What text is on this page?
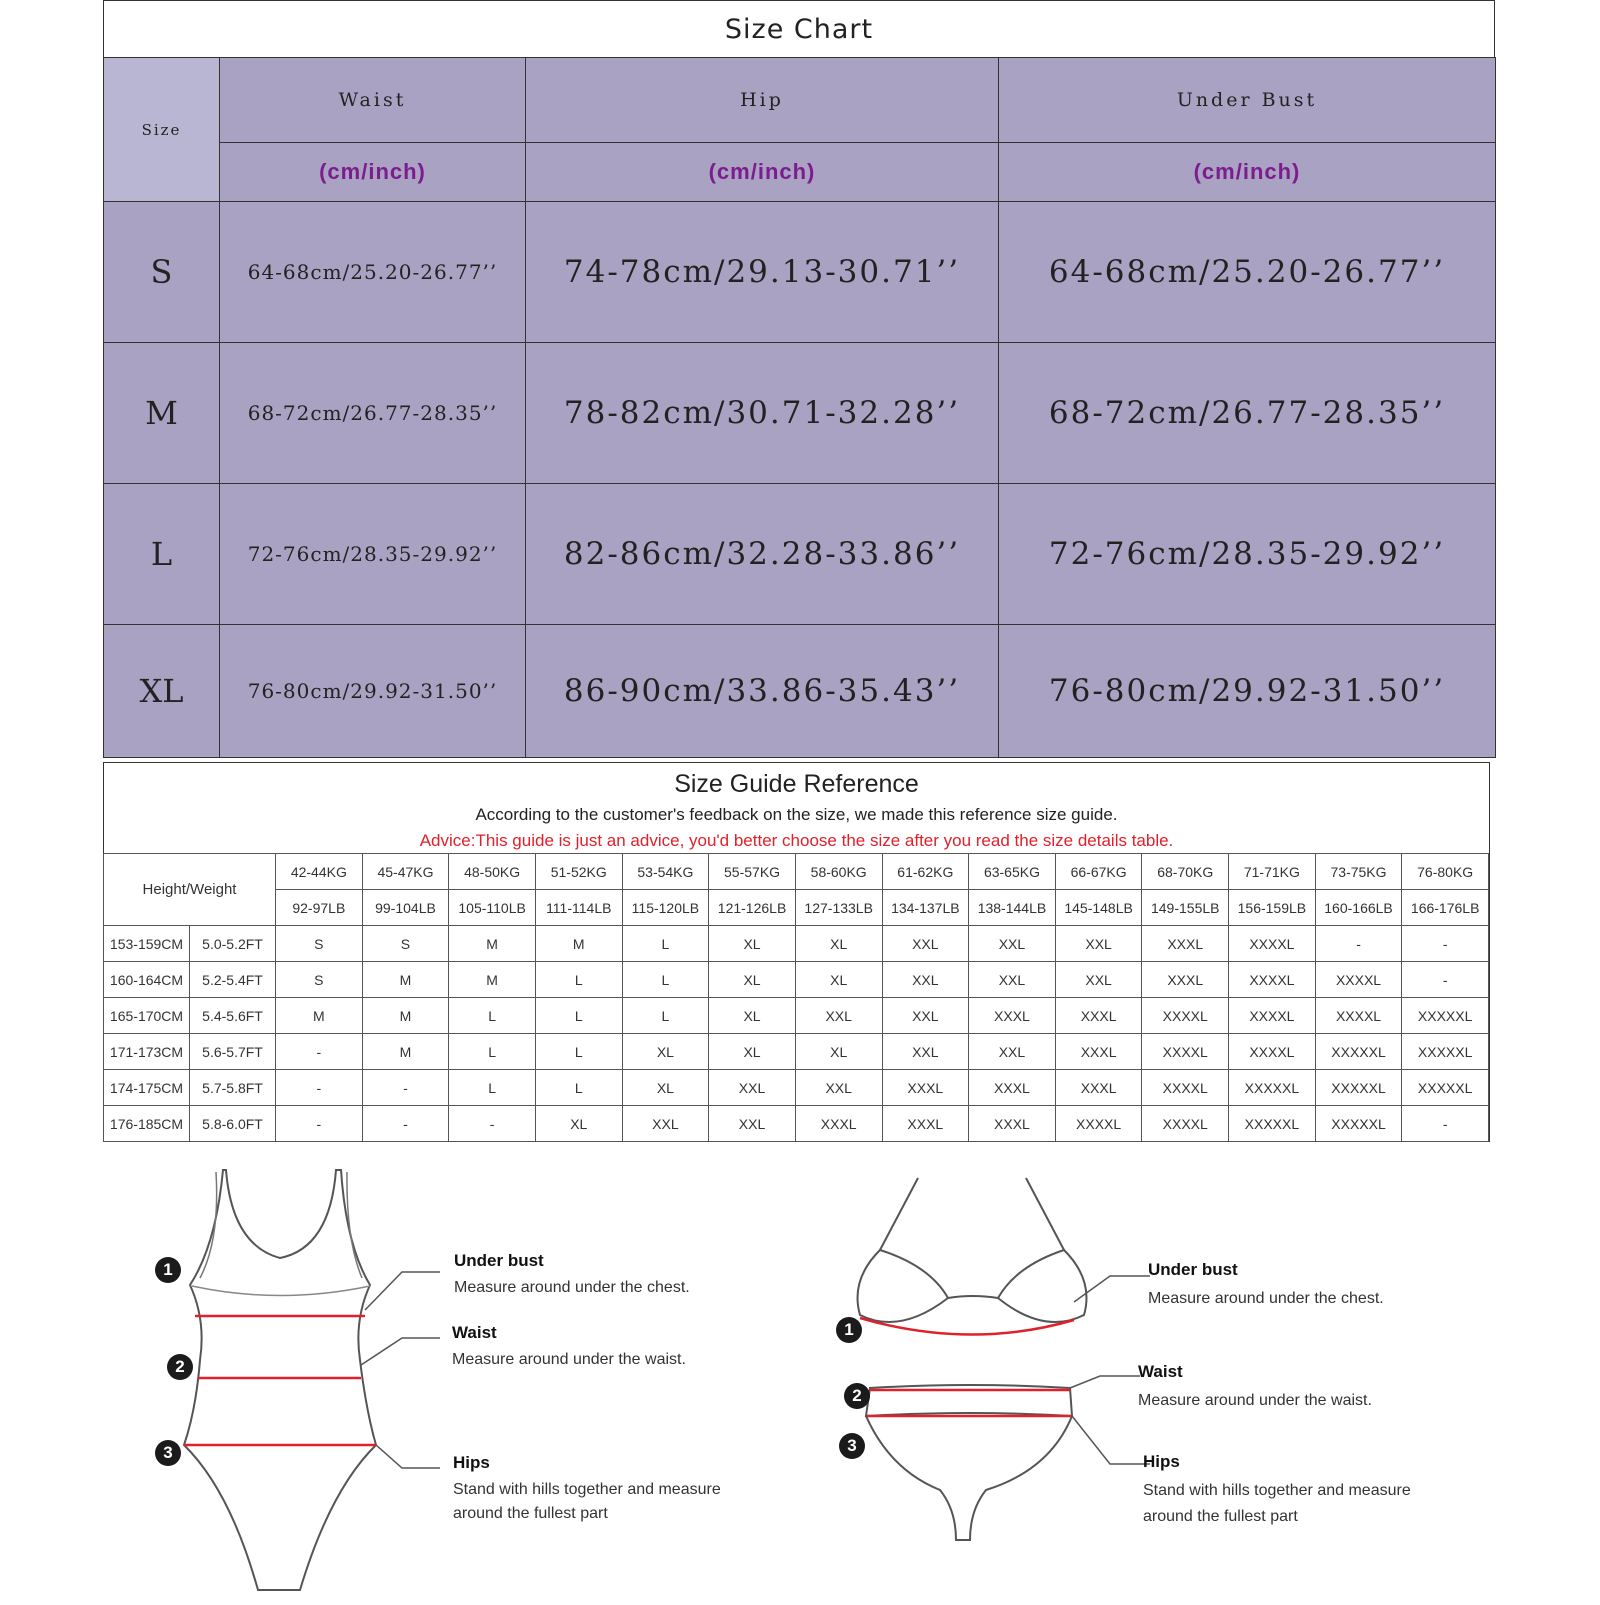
Size Chart
Size	Waist	Hip	Under Bust
	(cm/inch)	(cm/inch)	(cm/inch)
S	64-68cm/25.20-26.77’’	74-78cm/29.13-30.71’’	64-68cm/25.20-26.77’’
M	68-72cm/26.77-28.35’’	78-82cm/30.71-32.28’’	68-72cm/26.77-28.35’’
L	72-76cm/28.35-29.92’’	82-86cm/32.28-33.86’’	72-76cm/28.35-29.92’’
XL	76-80cm/29.92-31.50’’	86-90cm/33.86-35.43’’	76-80cm/29.92-31.50’’
Size Guide Reference
According to the customer's feedback on the size, we made this reference size guide.
Advice:This guide is just an advice, you'd better choose the size after you read the size details table.
Height/Weight		42-44KG	45-47KG	48-50KG	51-52KG	53-54KG	55-57KG	58-60KG	61-62KG	63-65KG	66-67KG	68-70KG	71-71KG	73-75KG	76-80KG
		92-97LB	99-104LB	105-110LB	111-114LB	115-120LB	121-126LB	127-133LB	134-137LB	138-144LB	145-148LB	149-155LB	156-159LB	160-166LB	166-176LB
153-159CM	5.0-5.2FT	S	S	M	M	L	XL	XL	XXL	XXL	XXL	XXXL	XXXXL	-	-
160-164CM	5.2-5.4FT	S	M	M	L	L	XL	XL	XXL	XXL	XXL	XXXL	XXXXL	XXXXL	-
165-170CM	5.4-5.6FT	M	M	L	L	L	XL	XXL	XXL	XXXL	XXXL	XXXXL	XXXXL	XXXXL	XXXXXL
171-173CM	5.6-5.7FT	-	M	L	L	XL	XL	XL	XXL	XXL	XXXL	XXXXL	XXXXL	XXXXXL	XXXXXL
174-175CM	5.7-5.8FT	-	-	L	L	XL	XXL	XXL	XXXL	XXXL	XXXL	XXXXL	XXXXXL	XXXXXL	XXXXXL
176-185CM	5.8-6.0FT	-	-	-	XL	XXL	XXL	XXXL	XXXL	XXXL	XXXXL	XXXXL	XXXXXL	XXXXXL	-
1
2
3
Under bust
Measure around under the chest.
Waist
Measure around under the waist.
Hips
Stand with hills together and measure
around the fullest part
1
2
3
Under bust
Measure around under the chest.
Waist
Measure around under the waist.
Hips
Stand with hills together and measure
around the fullest part
